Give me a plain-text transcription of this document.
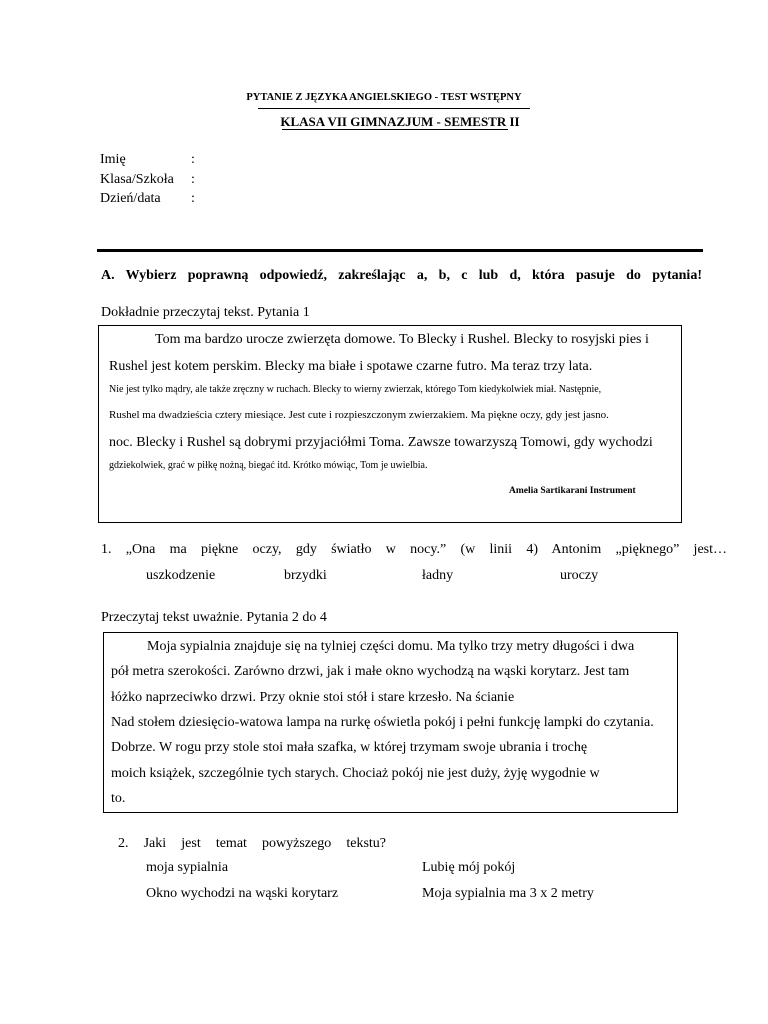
PYTANIE Z JĘZYKA ANGIELSKIEGO - TEST WSTĘPNY
KLASA VII GIMNAZJUM - SEMESTR II
Imię	:
Klasa/Szkoła :
Dzień/data :
A. Wybierz poprawną odpowiedź, zakreślając a, b, c lub d, która pasuje do pytania!
Dokładnie przeczytaj tekst. Pytania 1
Tom ma bardzo urocze zwierzęta domowe. To Blecky i Rushel. Blecky to rosyjski pies i
Rushel jest kotem perskim. Blecky ma białe i spotawe czarne futro. Ma teraz trzy lata.
Nie jest tylko mądry, ale także zręczny w ruchach. Blecky to wierny zwierzak, którego Tom kiedykolwiek miał. Następnie,
Rushel ma dwadzieścia cztery miesiące. Jest cute i rozpieszczonym zwierzakiem. Ma piękne oczy, gdy jest jasno.
noc. Blecky i Rushel są dobrymi przyjaciółmi Toma. Zawsze towarzyszą Tomowi, gdy wychodzi
gdziekolwiek, grać w piłkę nożną, biegać itd. Krótko mówiąc, Tom je uwielbia.
Amelia Sartikarani Instrument
1. „Ona ma piękne oczy, gdy światło w nocy.” (w linii 4) Antonim „pięknego” jest…
uszkodzenie	brzydki	ładny	uroczy
Przeczytaj tekst uważnie. Pytania 2 do 4
Moja sypialnia znajduje się na tylniej części domu. Ma tylko trzy metry długości i dwa
pół metra szerokości. Zarówno drzwi, jak i małe okno wychodzą na wąski korytarz. Jest tam
łóżko naprzeciwko drzwi. Przy oknie stoi stół i stare krzesło. Na ścianie
Nad stołem dziesięcio-watowa lampa na rurkę oświetla pokój i pełni funkcję lampki do czytania.
Dobrze. W rogu przy stole stoi mała szafka, w której trzymam swoje ubrania i trochę
moich książek, szczególnie tych starych. Chociaż pokój nie jest duży, żyję wygodnie w
to.
2. Jaki jest temat powyższego tekstu?
moja sypialnia	Lubię mój pokój
Okno wychodzi na wąski korytarz	Moja sypialnia ma 3 x 2 metry
